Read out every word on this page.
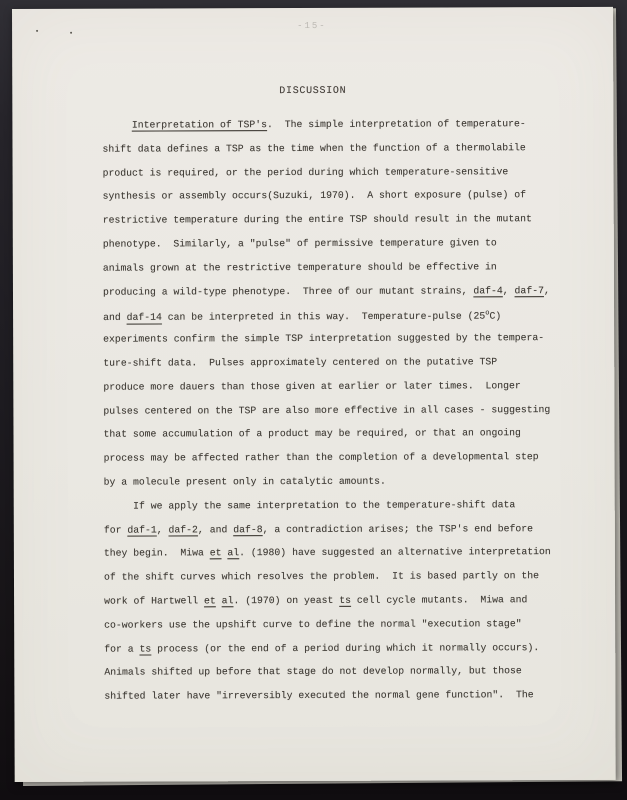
-15-
DISCUSSION
Interpretation of TSP's.  The simple interpretation of temperature-
shift data defines a TSP as the time when the function of a thermolabile
product is required, or the period during which temperature-sensitive
synthesis or assembly occurs(Suzuki, 1970).  A short exposure (pulse) of
restrictive temperature during the entire TSP should result in the mutant
phenotype.  Similarly, a "pulse" of permissive temperature given to
animals grown at the restrictive temperature should be effective in
producing a wild-type phenotype.  Three of our mutant strains, daf-4, daf-7,
and daf-14 can be interpreted in this way.  Temperature-pulse (25$^o$C)
experiments confirm the simple TSP interpretation suggested by the tempera-
ture-shift data.  Pulses approximately centered on the putative TSP
produce more dauers than those given at earlier or later times.  Longer
pulses centered on the TSP are also more effective in all cases - suggesting
that some accumulation of a product may be required, or that an ongoing
process may be affected rather than the completion of a developmental step
by a molecule present only in catalytic amounts.
If we apply the same interpretation to the temperature-shift data
for daf-1, daf-2, and daf-8, a contradiction arises; the TSP's end before
they begin.  Miwa et al. (1980) have suggested an alternative interpretation
of the shift curves which resolves the problem.  It is based partly on the
work of Hartwell et al. (1970) on yeast ts cell cycle mutants.  Miwa and
co-workers use the upshift curve to define the normal "execution stage"
for a ts process (or the end of a period during which it normally occurs).
Animals shifted up before that stage do not develop normally, but those
shifted later have "irreversibly executed the normal gene function".  The
